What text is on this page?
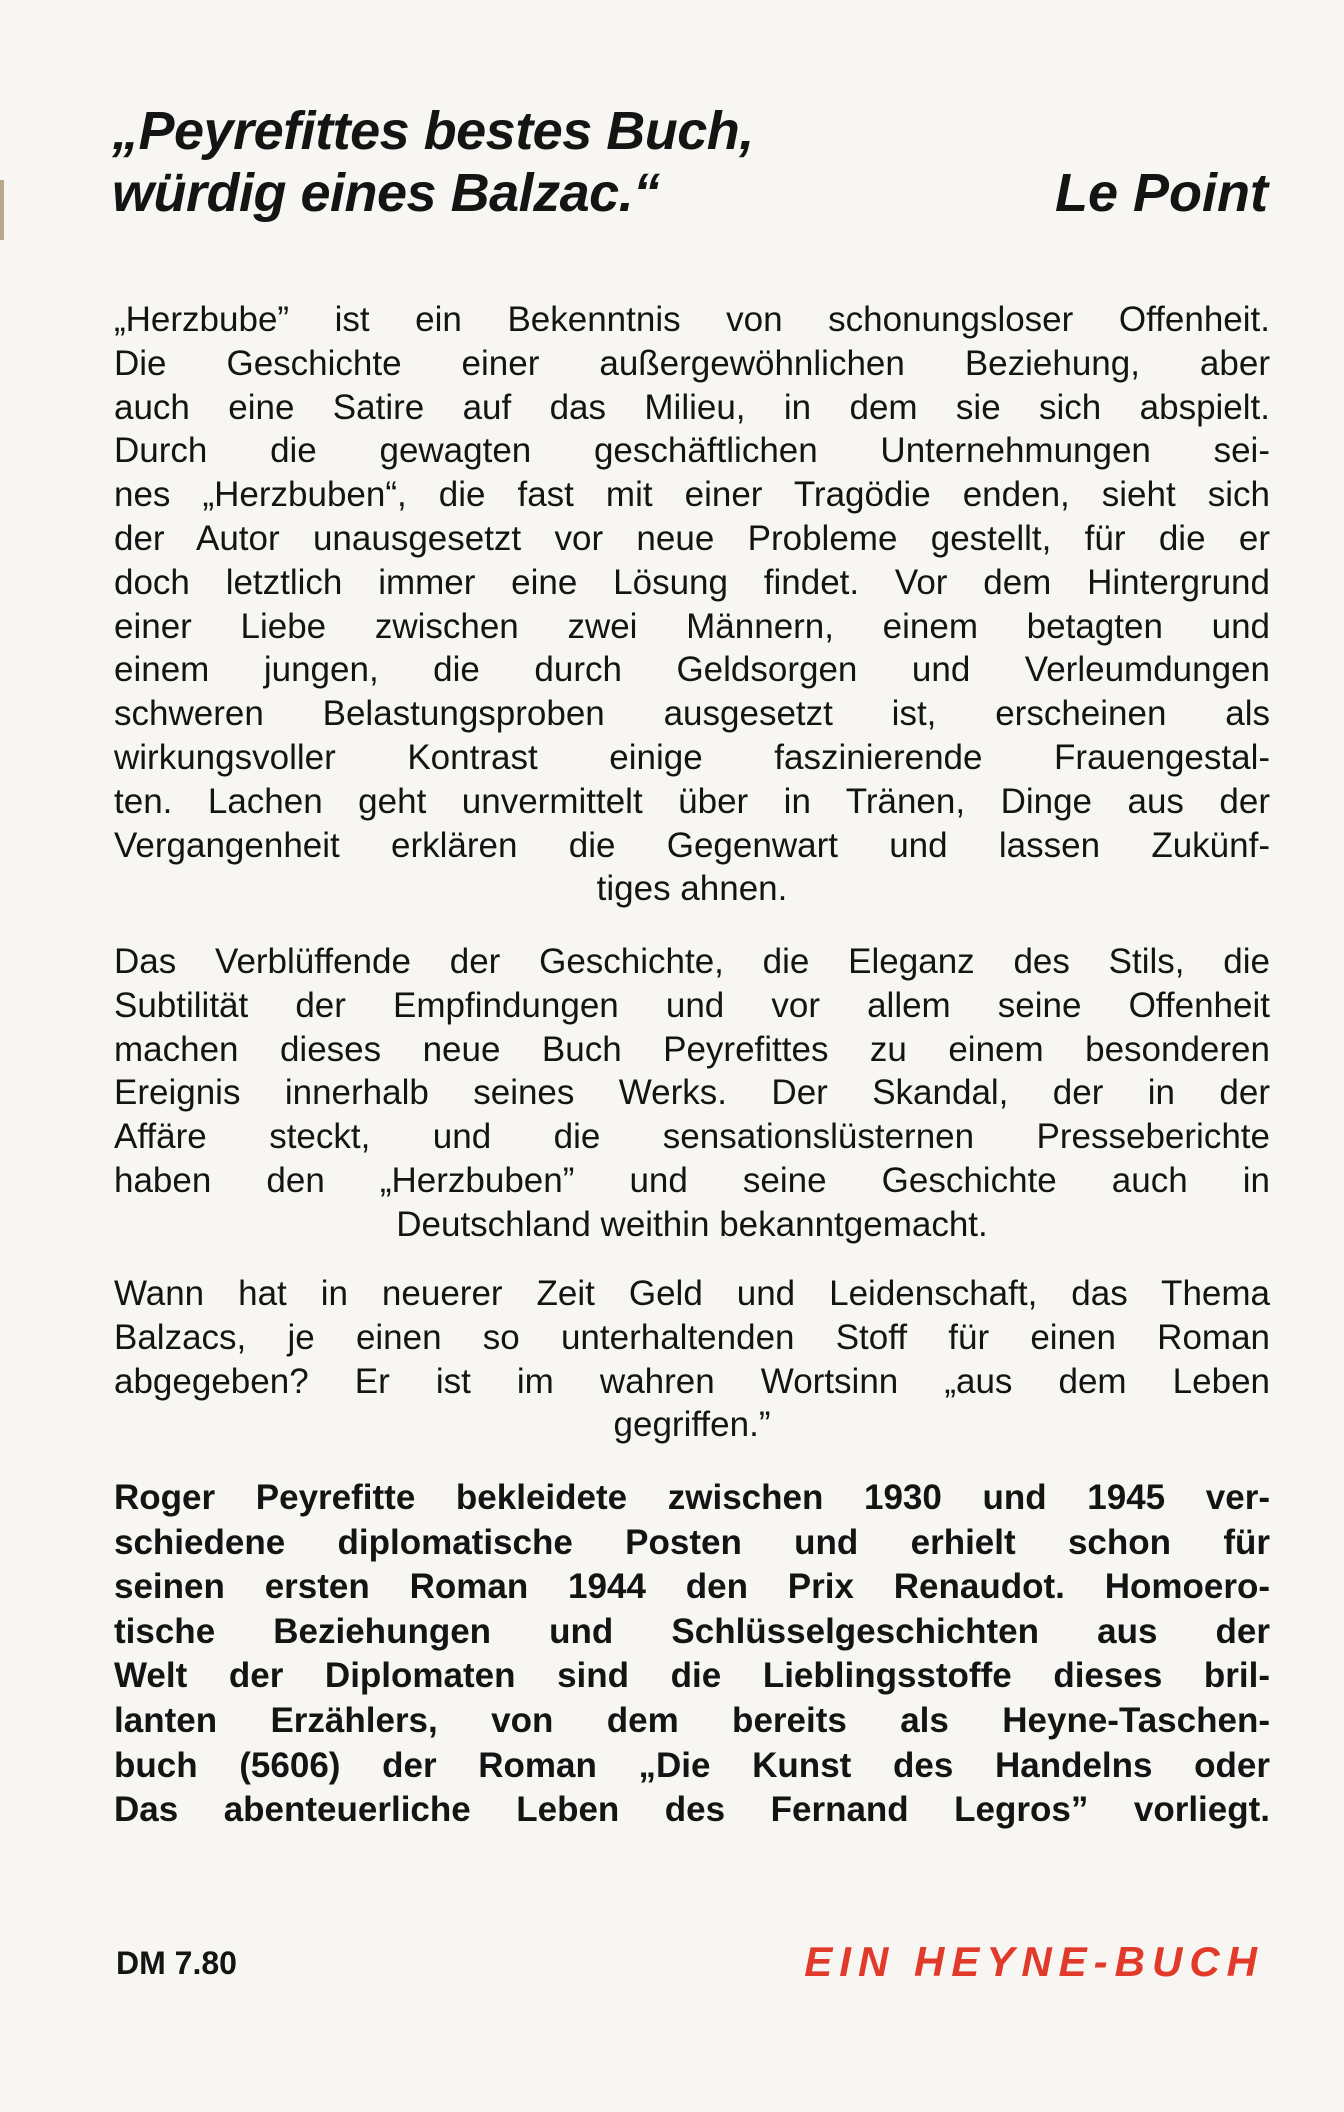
„Peyrefittes bestes Buch,
würdig eines Balzac.“	Le Point
„Herzbube” ist ein Bekenntnis von schonungsloser Offenheit.
Die Geschichte einer außergewöhnlichen Beziehung, aber
auch eine Satire auf das Milieu, in dem sie sich abspielt.
Durch die gewagten geschäftlichen Unternehmungen sei-
nes „Herzbuben“, die fast mit einer Tragödie enden, sieht sich
der Autor unausgesetzt vor neue Probleme gestellt, für die er
doch letztlich immer eine Lösung findet. Vor dem Hintergrund
einer Liebe zwischen zwei Männern, einem betagten und
einem jungen, die durch Geldsorgen und Verleumdungen
schweren Belastungsproben ausgesetzt ist, erscheinen als
wirkungsvoller Kontrast einige faszinierende Frauengestal-
ten. Lachen geht unvermittelt über in Tränen, Dinge aus der
Vergangenheit erklären die Gegenwart und lassen Zukünf-
tiges ahnen.
Das Verblüffende der Geschichte, die Eleganz des Stils, die
Subtilität der Empfindungen und vor allem seine Offenheit
machen dieses neue Buch Peyrefittes zu einem besonderen
Ereignis innerhalb seines Werks. Der Skandal, der in der
Affäre steckt, und die sensationslüsternen Presseberichte
haben den „Herzbuben” und seine Geschichte auch in
Deutschland weithin bekanntgemacht.
Wann hat in neuerer Zeit Geld und Leidenschaft, das Thema
Balzacs, je einen so unterhaltenden Stoff für einen Roman
abgegeben? Er ist im wahren Wortsinn „aus dem Leben
gegriffen.”
Roger Peyrefitte bekleidete zwischen 1930 und 1945 ver-
schiedene diplomatische Posten und erhielt schon für
seinen ersten Roman 1944 den Prix Renaudot. Homoero-
tische Beziehungen und Schlüsselgeschichten aus der
Welt der Diplomaten sind die Lieblingsstoffe dieses bril-
lanten Erzählers, von dem bereits als Heyne-Taschen-
buch (5606) der Roman „Die Kunst des Handelns oder
Das abenteuerliche Leben des Fernand Legros” vorliegt.
DM 7.80	EIN HEYNE-BUCH
